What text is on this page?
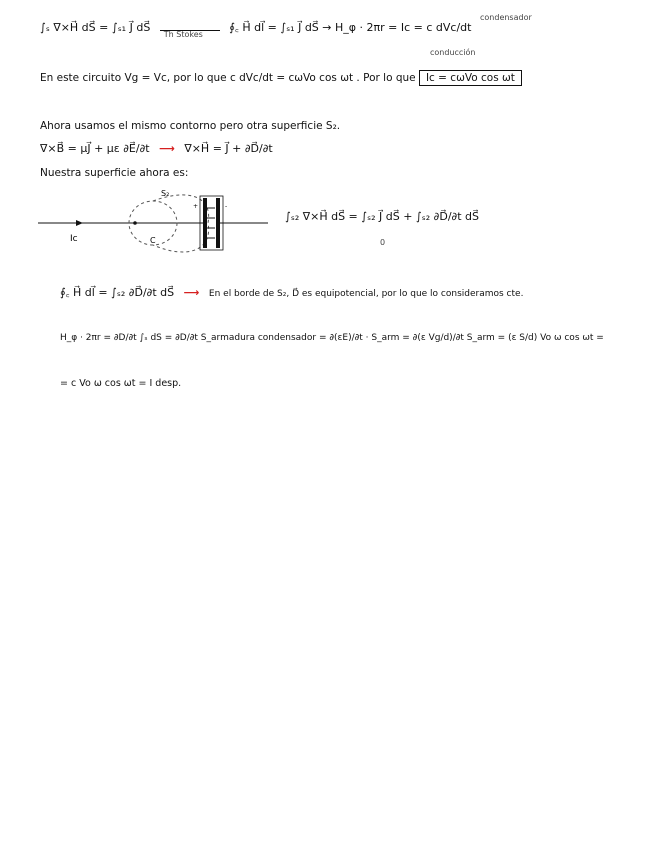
∫ₛ ∇×H⃗ dS⃗ = ∫ₛ₁ J⃗ dS⃗
Th Stokes
∮꜀ H⃗ dl⃗ = ∫ₛ₁ J⃗ dS⃗ → H_φ · 2πr = Ic = c dVc/dt
condensador
conducción
En este circuito Vg = Vc, por lo que c dVc/dt = cωVo cos ωt . Por lo que Ic = cωVo cos ωt
Ahora usamos el mismo contorno pero otra superficie S₂.
∇×B⃗ = μJ⃗ + με ∂E⃗/∂t ⟶ ∇×H⃗ = J⃗ + ∂D⃗/∂t
Nuestra superficie ahora es:
+	-
Ic
S₂
C
∫ₛ₂ ∇×H⃗ dS⃗ = ∫ₛ₂ J⃗ dS⃗ + ∫ₛ₂ ∂D⃗/∂t dS⃗
0
∮꜀ H⃗ dl⃗ = ∫ₛ₂ ∂D⃗/∂t dS⃗ ⟶ En el borde de S₂, D⃗ es equipotencial, por lo que lo consideramos cte.
H_φ · 2πr = ∂D/∂t ∫ₛ dS = ∂D/∂t S_armadura condensador = ∂(εE)/∂t · S_arm = ∂(ε Vg/d)/∂t S_arm = (ε S/d) Vo ω cos ωt =
= c Vo ω cos ωt = I desp.
